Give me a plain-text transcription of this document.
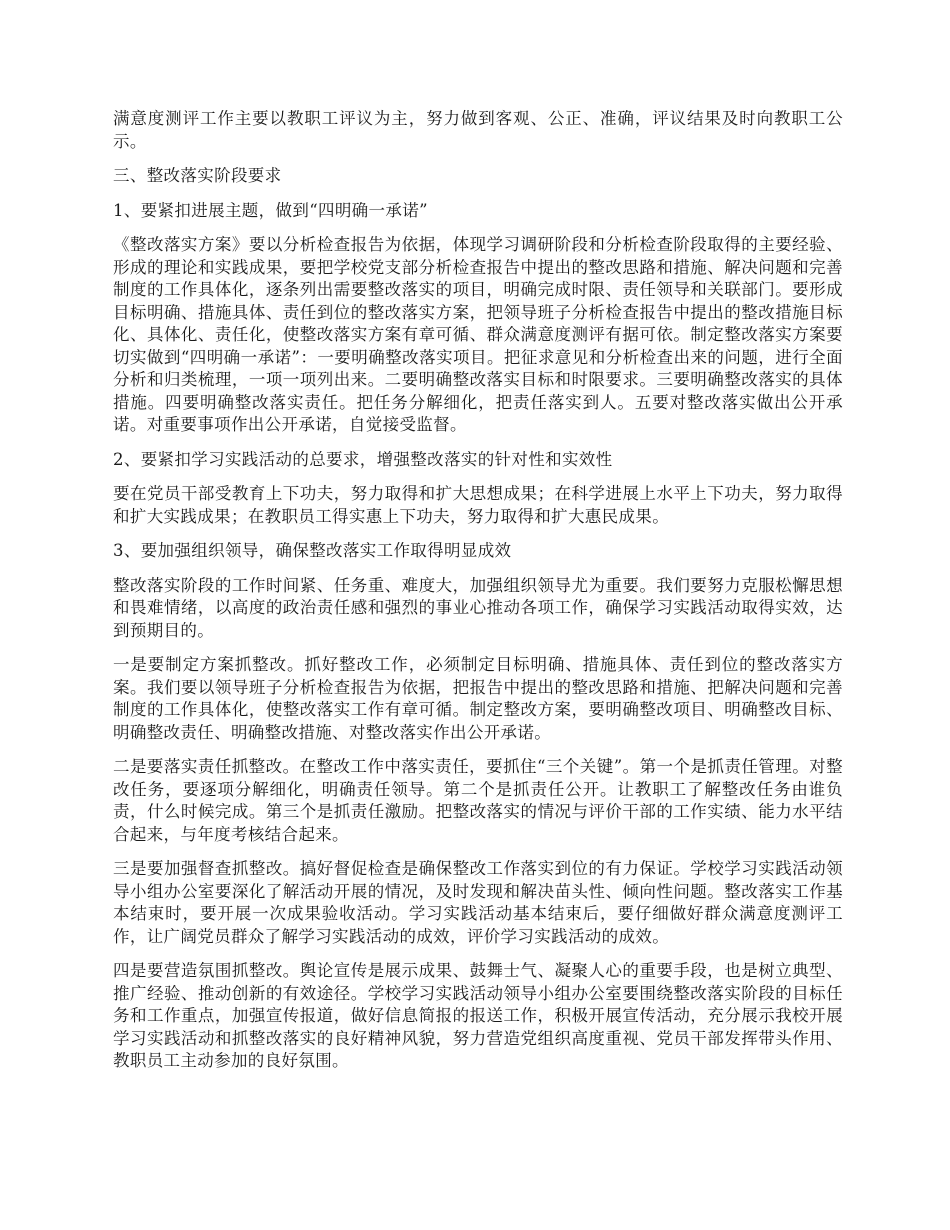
满意度测评工作主要以教职工评议为主，努力做到客观、公正、准确，评议结果及时向教职工公示。

三、整改落实阶段要求

1、要紧扣进展主题，做到“四明确一承诺”

《整改落实方案》要以分析检查报告为依据，体现学习调研阶段和分析检查阶段取得的主要经验、形成的理论和实践成果，要把学校党支部分析检查报告中提出的整改思路和措施、解决问题和完善制度的工作具体化，逐条列出需要整改落实的项目，明确完成时限、责任领导和关联部门。要形成目标明确、措施具体、责任到位的整改落实方案，把领导班子分析检查报告中提出的整改措施目标化、具体化、责任化，使整改落实方案有章可循、群众满意度测评有据可依。制定整改落实方案要切实做到“四明确一承诺”：一要明确整改落实项目。把征求意见和分析检查出来的问题，进行全面分析和归类梳理，一项一项列出来。二要明确整改落实目标和时限要求。三要明确整改落实的具体措施。四要明确整改落实责任。把任务分解细化，把责任落实到人。五要对整改落实做出公开承诺。对重要事项作出公开承诺，自觉接受监督。

2、要紧扣学习实践活动的总要求，增强整改落实的针对性和实效性

要在党员干部受教育上下功夫，努力取得和扩大思想成果；在科学进展上水平上下功夫，努力取得和扩大实践成果；在教职员工得实惠上下功夫，努力取得和扩大惠民成果。

3、要加强组织领导，确保整改落实工作取得明显成效

整改落实阶段的工作时间紧、任务重、难度大，加强组织领导尤为重要。我们要努力克服松懈思想和畏难情绪，以高度的政治责任感和强烈的事业心推动各项工作，确保学习实践活动取得实效，达到预期目的。

一是要制定方案抓整改。抓好整改工作，必须制定目标明确、措施具体、责任到位的整改落实方案。我们要以领导班子分析检查报告为依据，把报告中提出的整改思路和措施、把解决问题和完善制度的工作具体化，使整改落实工作有章可循。制定整改方案，要明确整改项目、明确整改目标、明确整改责任、明确整改措施、对整改落实作出公开承诺。

二是要落实责任抓整改。在整改工作中落实责任，要抓住“三个关键”。第一个是抓责任管理。对整改任务，要逐项分解细化，明确责任领导。第二个是抓责任公开。让教职工了解整改任务由谁负责，什么时候完成。第三个是抓责任激励。把整改落实的情况与评价干部的工作实绩、能力水平结合起来，与年度考核结合起来。

三是要加强督查抓整改。搞好督促检查是确保整改工作落实到位的有力保证。学校学习实践活动领导小组办公室要深化了解活动开展的情况，及时发现和解决苗头性、倾向性问题。整改落实工作基本结束时，要开展一次成果验收活动。学习实践活动基本结束后，要仔细做好群众满意度测评工作，让广阔党员群众了解学习实践活动的成效，评价学习实践活动的成效。

四是要营造氛围抓整改。舆论宣传是展示成果、鼓舞士气、凝聚人心的重要手段，也是树立典型、推广经验、推动创新的有效途径。学校学习实践活动领导小组办公室要围绕整改落实阶段的目标任务和工作重点，加强宣传报道，做好信息简报的报送工作，积极开展宣传活动，充分展示我校开展学习实践活动和抓整改落实的良好精神风貌，努力营造党组织高度重视、党员干部发挥带头作用、教职员工主动参加的良好氛围。
